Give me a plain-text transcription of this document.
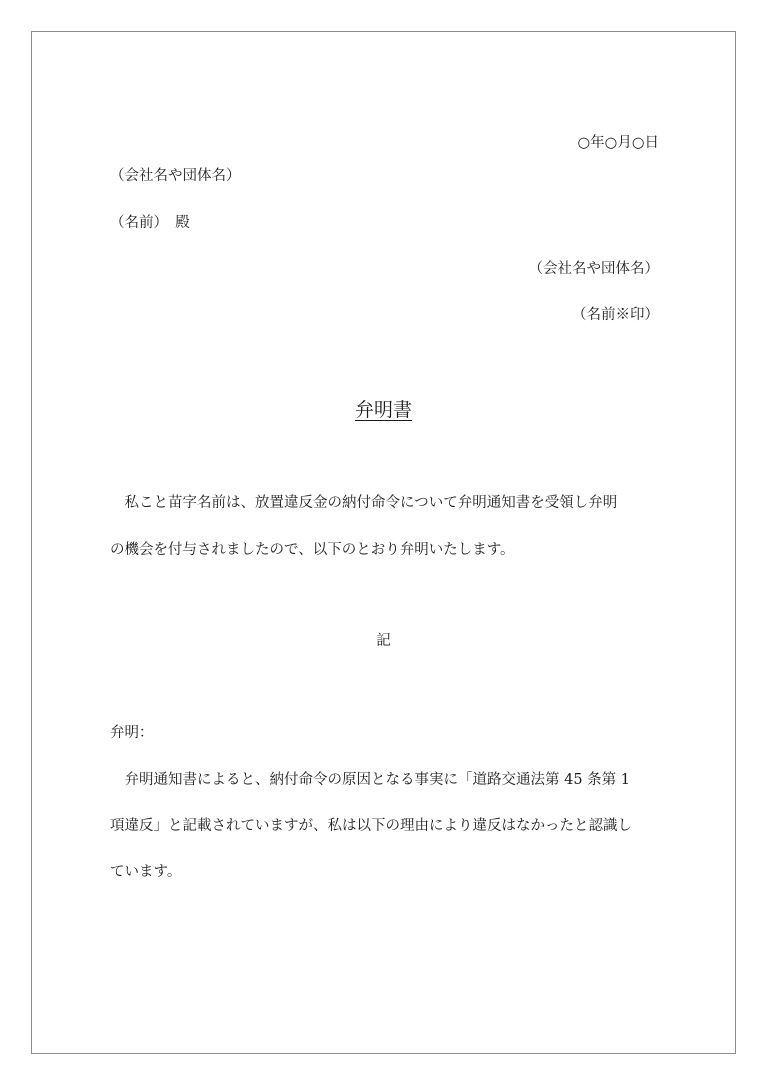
○年○月○日
（会社名や団体名）
（名前）　殿
（会社名や団体名）
（名前※印）
弁明書
　私こと苗字名前は、放置違反金の納付命令について弁明通知書を受領し弁明
の機会を付与されましたので、以下のとおり弁明いたします。
記
弁明：
　弁明通知書によると、納付命令の原因となる事実に「道路交通法第 45 条第 1
項違反」と記載されていますが、私は以下の理由により違反はなかったと認識し
ています。
